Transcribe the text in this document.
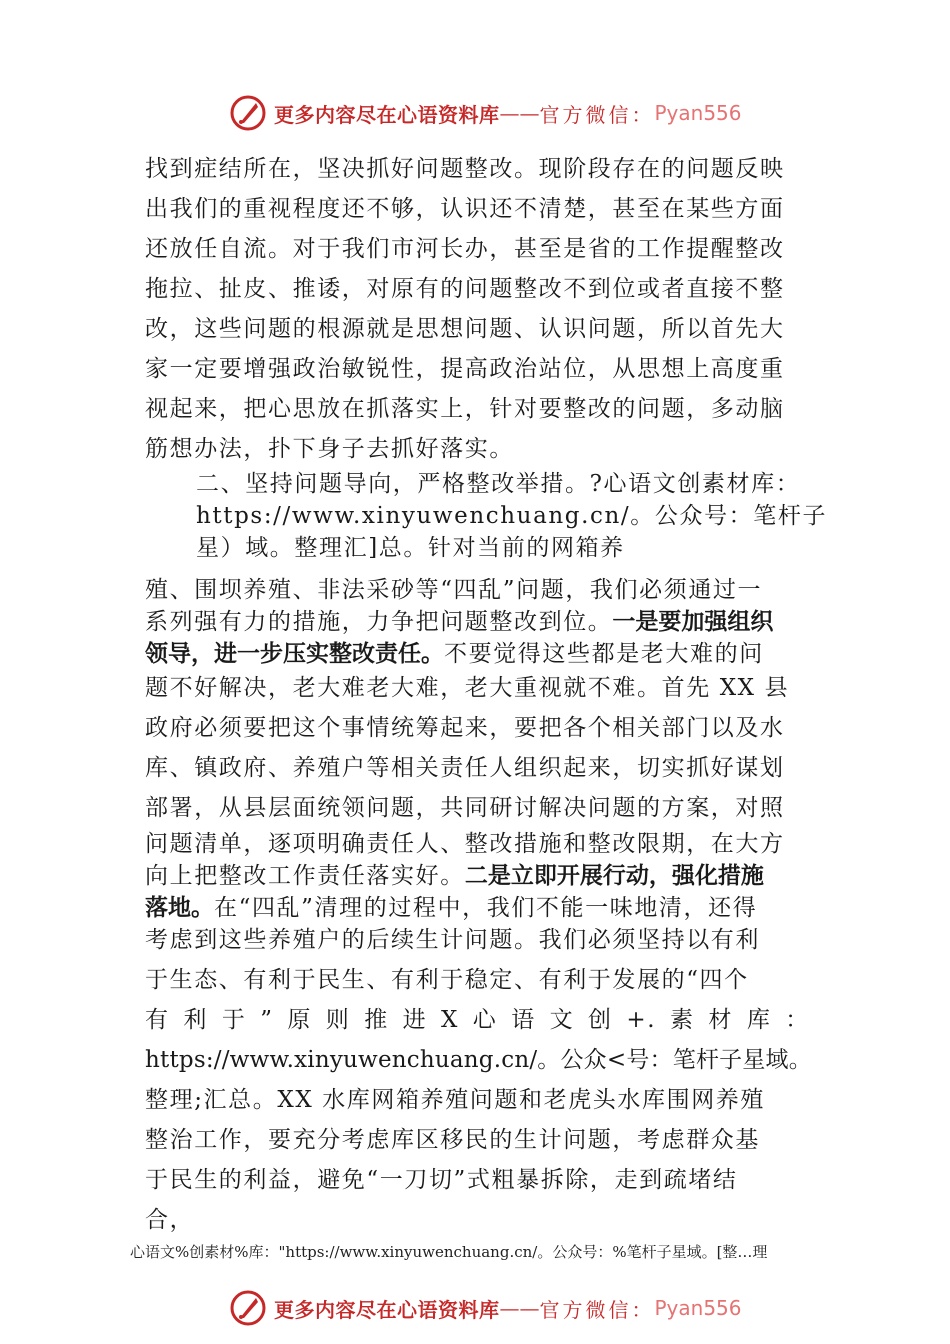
更多内容尽在心语资料库 —— 官方微信： Pyan556
找到症结所在，坚决抓好问题整改。现阶段存在的问题反映
出我们的重视程度还不够，认识还不清楚，甚至在某些方面
还放任自流。对于我们市河长办，甚至是省的工作提醒整改
拖拉、扯皮、推诿，对原有的问题整改不到位或者直接不整
改，这些问题的根源就是思想问题、认识问题，所以首先大
家一定要增强政治敏锐性，提高政治站位，从思想上高度重
视起来，把心思放在抓落实上，针对要整改的问题，多动脑
筋想办法，扑下身子去抓好落实。
二、坚持问题导向，严格整改举措。?心语文创素材库：
https://www.xinyuwenchuang.cn/。公众号：笔杆子
星）域。整理汇]总。针对当前的网箱养
殖、围坝养殖、非法采砂等“四乱”问题，我们必须通过一
系列强有力的措施，力争把问题整改到位。一是要加强组织
领导，进一步压实整改责任。不要觉得这些都是老大难的问
题不好解决，老大难老大难，老大重视就不难。首先 XX 县
政府必须要把这个事情统筹起来，要把各个相关部门以及水
库、镇政府、养殖户等相关责任人组织起来，切实抓好谋划
部署，从县层面统领问题，共同研讨解决问题的方案，对照
问题清单，逐项明确责任人、整改措施和整改限期，在大方
向上把整改工作责任落实好。二是立即开展行动，强化措施
落地。在“四乱”清理的过程中，我们不能一味地清，还得
考虑到这些养殖户的后续生计问题。我们必须坚持以有利
于生态、有利于民生、有利于稳定、有利于发展的“四个
有 利 于 ” 原 则 推 进 X 心 语 文 创 +. 素 材 库 ：
https://www.xinyuwenchuang.cn/。公众<号：笔杆子星域。
整理;汇总。XX 水库网箱养殖问题和老虎头水库围网养殖
整治工作，要充分考虑库区移民的生计问题，考虑群众基
于民生的利益，避免“一刀切”式粗暴拆除，走到疏堵结
合，
心语文%创素材%库："https://www.xinyuwenchuang.cn/。公众号：%笔杆子星域。[整…理
更多内容尽在心语资料库 —— 官方微信： Pyan556
